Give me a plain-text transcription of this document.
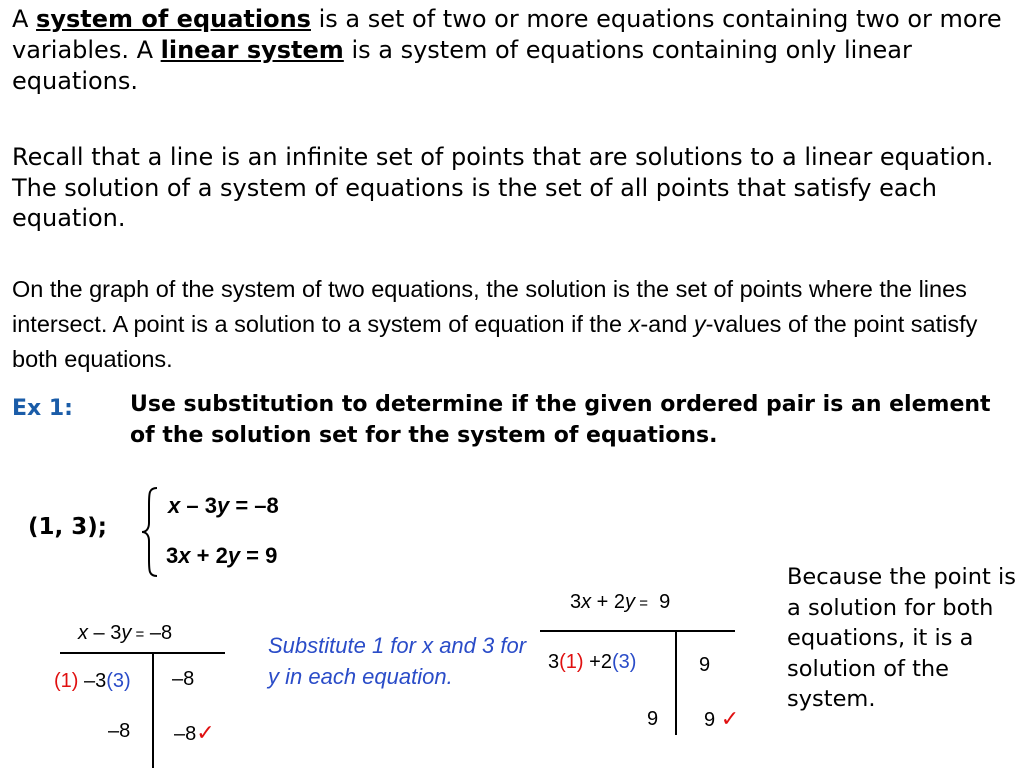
A system of equations is a set of two or more equations containing two or more variables. A linear system is a system of equations containing only linear equations.
Recall that a line is an infinite set of points that are solutions to a linear equation. The solution of a system of equations is the set of all points that satisfy each equation.
On the graph of the system of two equations, the solution is the set of points where the lines intersect. A point is a solution to a system of equation if the x-and y-values of the point satisfy both equations.
Ex 1:	Use substitution to determine if the given ordered pair is an element of the solution set for the system of equations.
(1, 3);
x – 3y = –8
3x + 2y = 9
x – 3y = –8
(1) –3(3) –8
–8 –8✓
Substitute 1 for x and 3 for y in each equation.
3x + 2y = 9
3(1) +2(3)	9
9 9 ✓
Because the point is a solution for both equations, it is a solution of the system.
